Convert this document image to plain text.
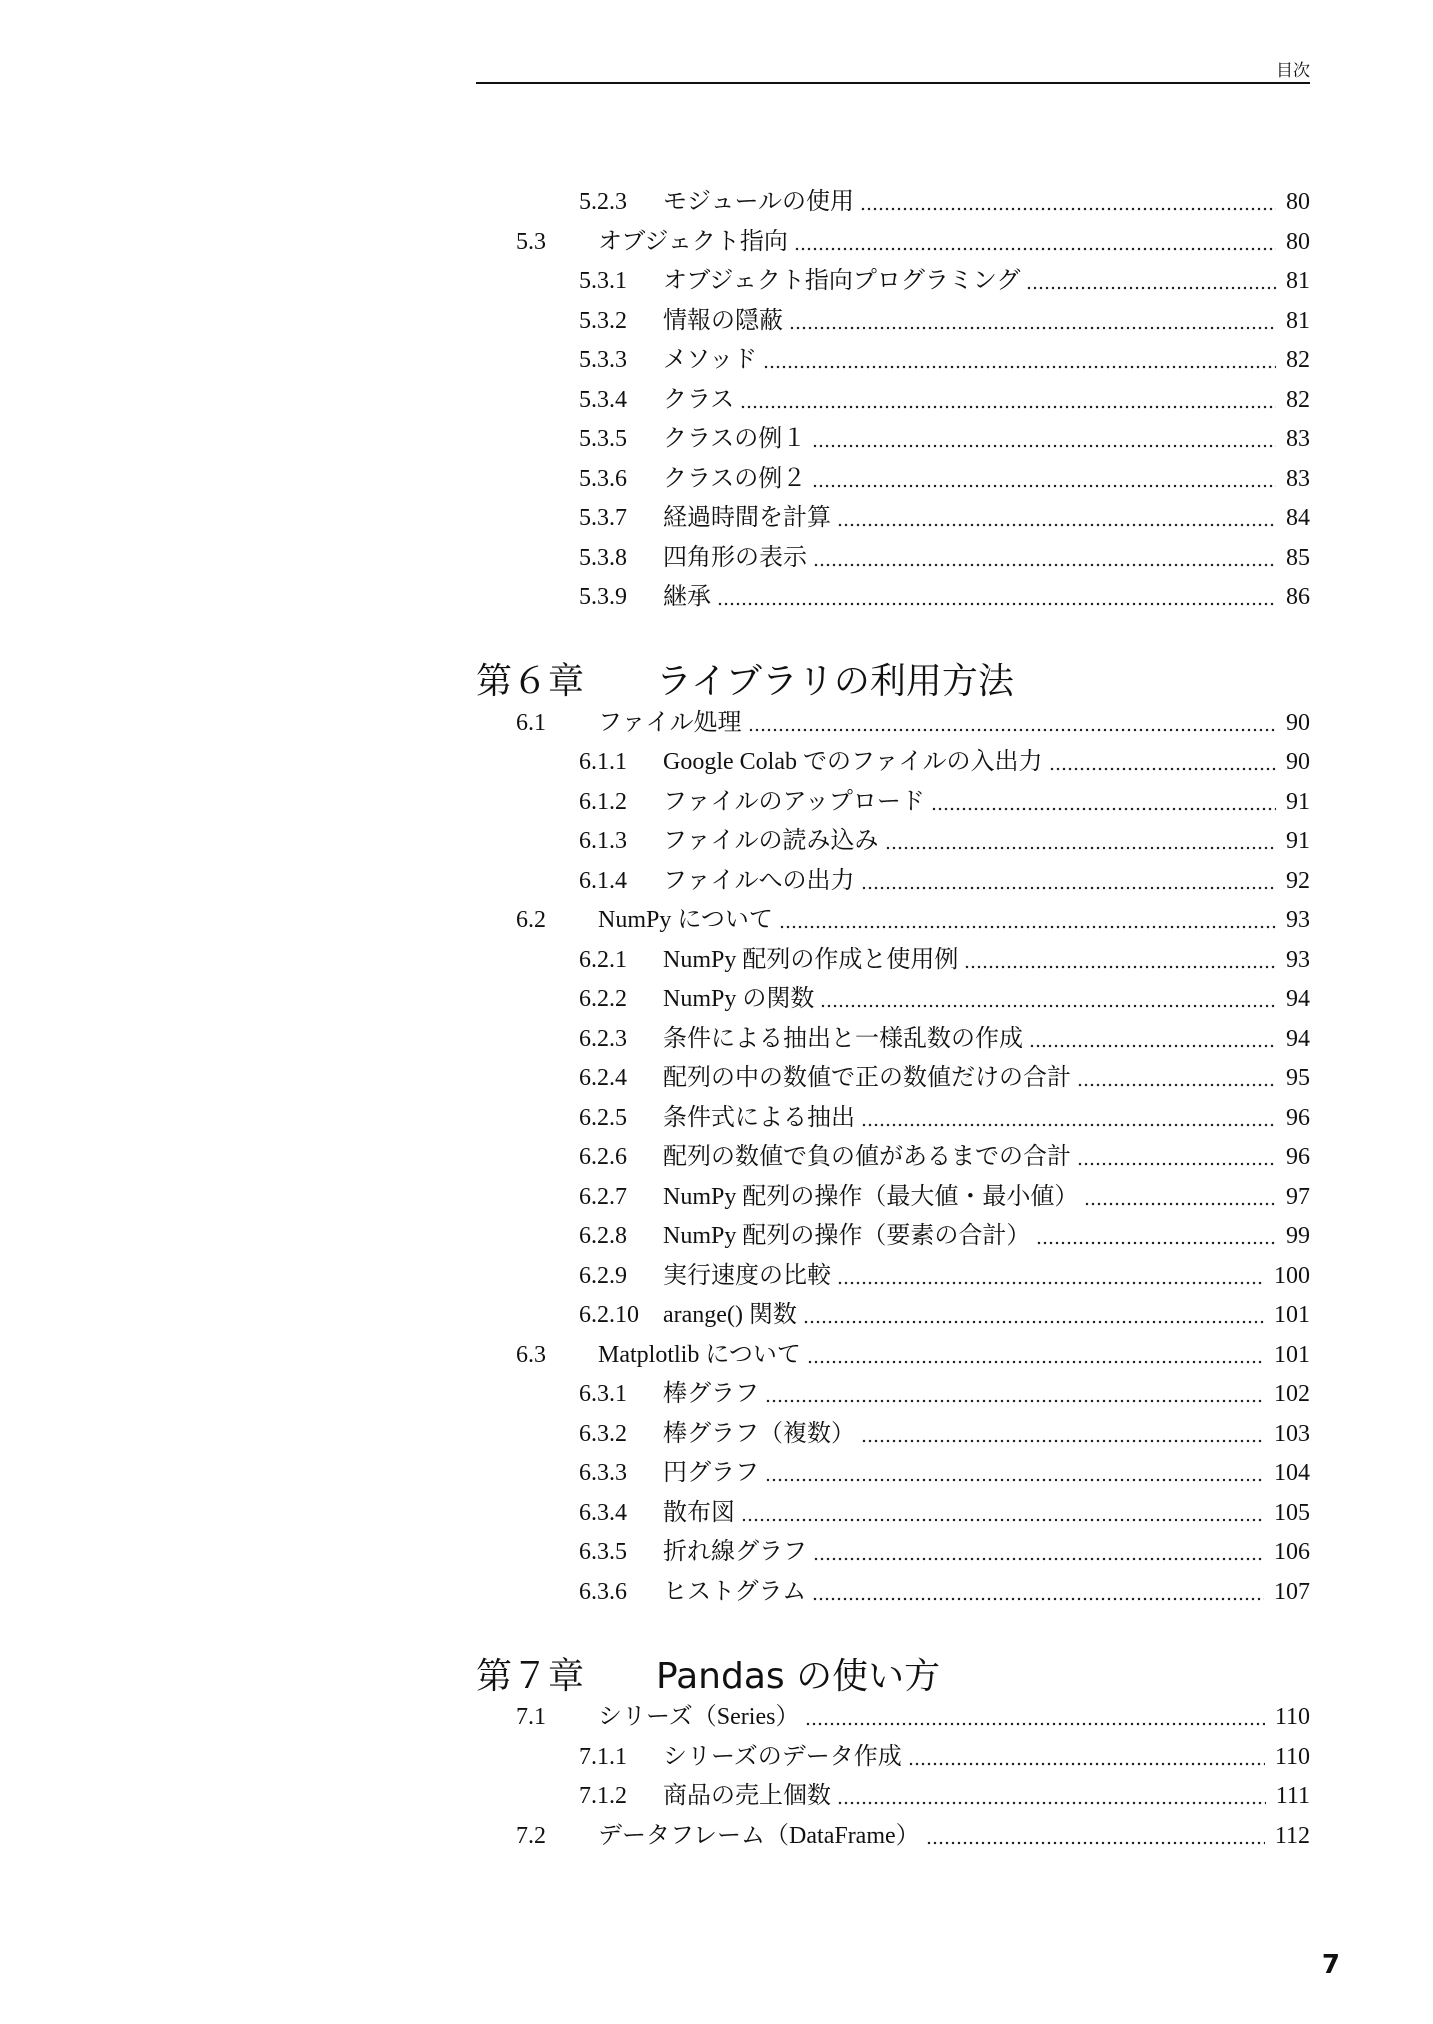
目次
5.2.3	モジュールの使用	80
5.3	オブジェクト指向	80
5.3.1	オブジェクト指向プログラミング	81
5.3.2	情報の隠蔽	81
5.3.3	メソッド	82
5.3.4	クラス	82
5.3.5	クラスの例１	83
5.3.6	クラスの例２	83
5.3.7	経過時間を計算	84
5.3.8	四角形の表示	85
5.3.9	継承	86
第６章	ライブラリの利用方法
6.1	ファイル処理	90
6.1.1	Google Colab でのファイルの入出力	90
6.1.2	ファイルのアップロード	91
6.1.3	ファイルの読み込み	91
6.1.4	ファイルへの出力	92
6.2	NumPy について	93
6.2.1	NumPy 配列の作成と使用例	93
6.2.2	NumPy の関数	94
6.2.3	条件による抽出と一様乱数の作成	94
6.2.4	配列の中の数値で正の数値だけの合計	95
6.2.5	条件式による抽出	96
6.2.6	配列の数値で負の値があるまでの合計	96
6.2.7	NumPy 配列の操作（最大値・最小値）	97
6.2.8	NumPy 配列の操作（要素の合計）	99
6.2.9	実行速度の比較	100
6.2.10	arange() 関数	101
6.3	Matplotlib について	101
6.3.1	棒グラフ	102
6.3.2	棒グラフ（複数）	103
6.3.3	円グラフ	104
6.3.4	散布図	105
6.3.5	折れ線グラフ	106
6.3.6	ヒストグラム	107
第７章	Pandas の使い方
7.1	シリーズ（Series）	110
7.1.1	シリーズのデータ作成	110
7.1.2	商品の売上個数	111
7.2	データフレーム（DataFrame）	112
7
